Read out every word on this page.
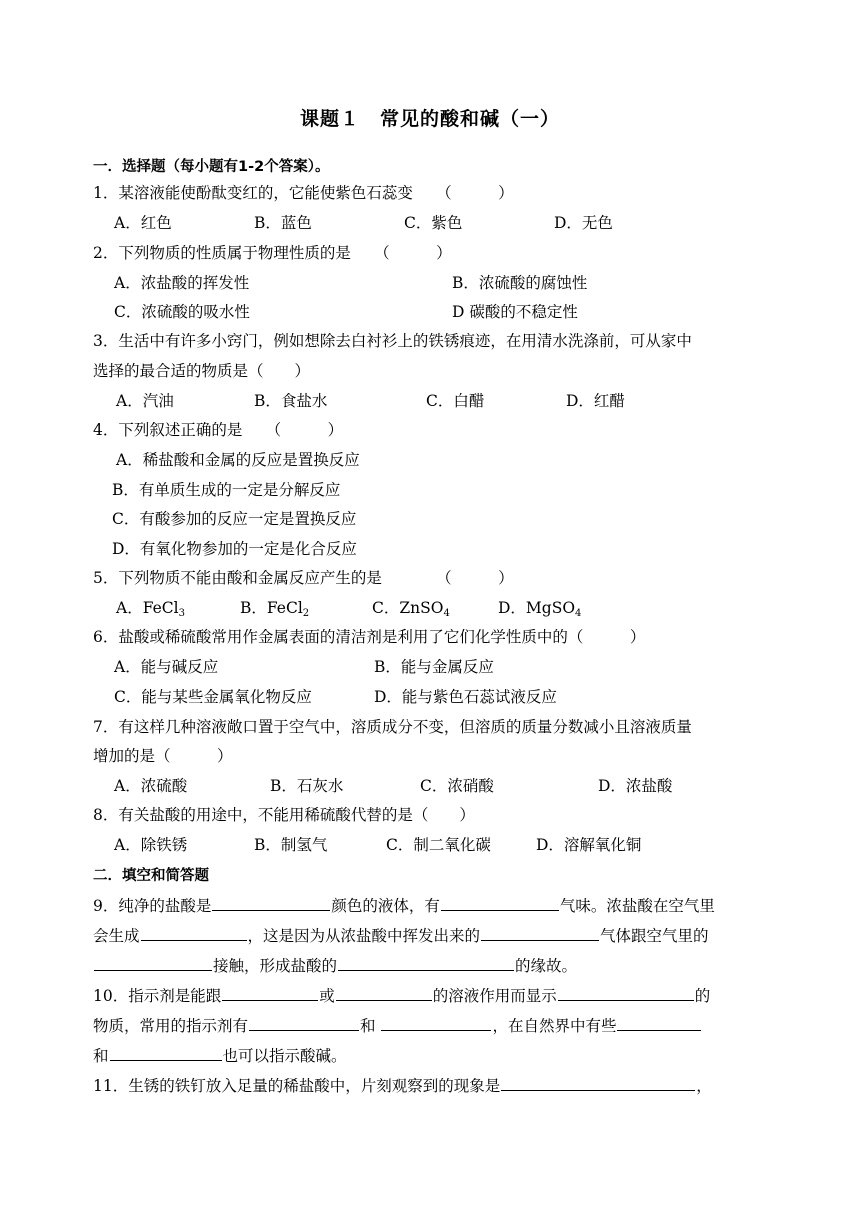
课题１　常见的酸和碱（一）
一．选择题（每小题有1-2个答案）。
1．某溶液能使酚酞变红的，它能使紫色石蕊变　　（　　　）
A．红色	B．蓝色	C．紫色	D．无色
2．下列物质的性质属于物理性质的是　　（　　　）
A．浓盐酸的挥发性	B．浓硫酸的腐蚀性
C．浓硫酸的吸水性	D 碳酸的不稳定性
3．生活中有许多小窍门，例如想除去白衬衫上的铁锈痕迹，在用清水洗涤前，可从家中
选择的最合适的物质是（　　）
A．汽油	B．食盐水	C．白醋	D．红醋
4．下列叙述正确的是　　（　　　）
A．稀盐酸和金属的反应是置换反应
B．有单质生成的一定是分解反应
C．有酸参加的反应一定是置换反应
D．有氧化物参加的一定是化合反应
5．下列物质不能由酸和金属反应产生的是　　　　（　　　）
A．FeCl$_3$	B．FeCl$_2$	C．ZnSO$_4$	D．MgSO$_4$
6．盐酸或稀硫酸常用作金属表面的清洁剂是利用了它们化学性质中的（　　　）
A．能与碱反应	B．能与金属反应
C．能与某些金属氧化物反应	D．能与紫色石蕊试液反应
7．有这样几种溶液敞口置于空气中，溶质成分不变，但溶质的质量分数减小且溶液质量
增加的是（　　　）
A．浓硫酸	B．石灰水	C．浓硝酸	D．浓盐酸
8．有关盐酸的用途中，不能用稀硫酸代替的是（　　）
A．除铁锈	B．制氢气	C．制二氧化碳	D．溶解氧化铜
二．填空和简答题
9．纯净的盐酸是	颜色的液体，有	气味。浓盐酸在空气里
会生成	，这是因为从浓盐酸中挥发出来的	气体跟空气里的
接触，形成盐酸的	的缘故。
10．指示剂是能跟	或	的溶液作用而显示	的
物质，常用的指示剂有	和	，在自然界中有些
和	也可以指示酸碱。
11．生锈的铁钉放入足量的稀盐酸中，片刻观察到的现象是	，
